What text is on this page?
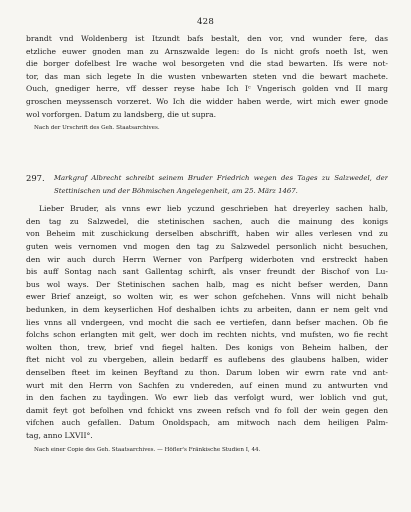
428
brandt vnd Woldenberg ist Itzundt bafs bestalt, den vor, vnd wunder fere, das
etzliche euwer gnoden man zu Arnszwalde legen: do Is nicht grofs noeth Ist, wen
die borger dofelbest Ire wache wol besorgeten vnd die stad bewarten. Ifs were not-
tor, das man sich legete In die wusten vnbewarten steten vnd die bewart machete.
Ouch, gnediger herre, vff desser reyse habe Ich Iᶜ Vngerisch golden vnd II marg
groschen meyssensch vorzeret. Wo Ich die widder haben werde, wirt mich ewer gnode
wol vorforgen. Datum zu landsberg, die ut supra.
Nach der Urschrift des Geh. Staatsarchives.
297.	Markgraf Albrecht schreibt seinem Bruder Friedrich wegen des Tages zu Salzwedel, der
Stettinischen und der Böhmischen Angelegenheit, am 25. März 1467.
Lieber Bruder, als vnns ewr lieb yczund geschrieben hat dreyerley sachen halb,
den tag zu Salzwedel, die stetinischen sachen, auch die mainung des konigs
von Beheim mit zuschickung derselben abschrifft, haben wir alles verlesen vnd zu
guten weis vernomen vnd mogen den tag zu Salzwedel personlich nicht besuchen,
den wir auch durch Herrn Werner von Parfperg widerboten vnd erstreckt haben
bis auff Sontag nach sant Gallentag schirft, als vnser freundt der Bischof von Lu-
bus wol ways. Der Stetinischen sachen halb, mag es nicht befser werden, Dann
ewer Brief anzeigt, so wolten wir, es wer schon gefchehen. Vnns will nicht behalb
bedunken, in dem keyserlichen Hof deshalben ichts zu arbeiten, dann er nem gelt vnd
lies vnns all vndergeen, vnd mocht die sach ee vertiefen, dann befser machen. Ob fie
folchs schon erlangten mit gelt, wer doch im rechten nichts, vnd mufsten, wo fie recht
wolten thon, trew, brief vnd fiegel halten. Des konigs von Beheim halben, der
ftet nicht vol zu vbergeben, allein bedarff es auflebens des glaubens halben, wider
denselben fteet im keinen Beyftand zu thon. Darum loben wir ewrn rate vnd ant-
wurt mit den Herrn von Sachfen zu vndereden, auf einen mund zu antwurten vnd
in den fachen zu tayd̈ingen. Wo ewr lieb das verfolgt wurd, wer loblich vnd gut,
damit feyt got befolhen vnd fchickt vns zween refsch vnd fo foll der wein gegen den
vifchen auch gefallen. Datum Onoldspach, am mitwoch nach dem heiligen Palm-
tag, anno LXVII°.
Nach einer Copie des Geh. Staatsarchives. — Höfler's Fränkische Studien I, 44.
